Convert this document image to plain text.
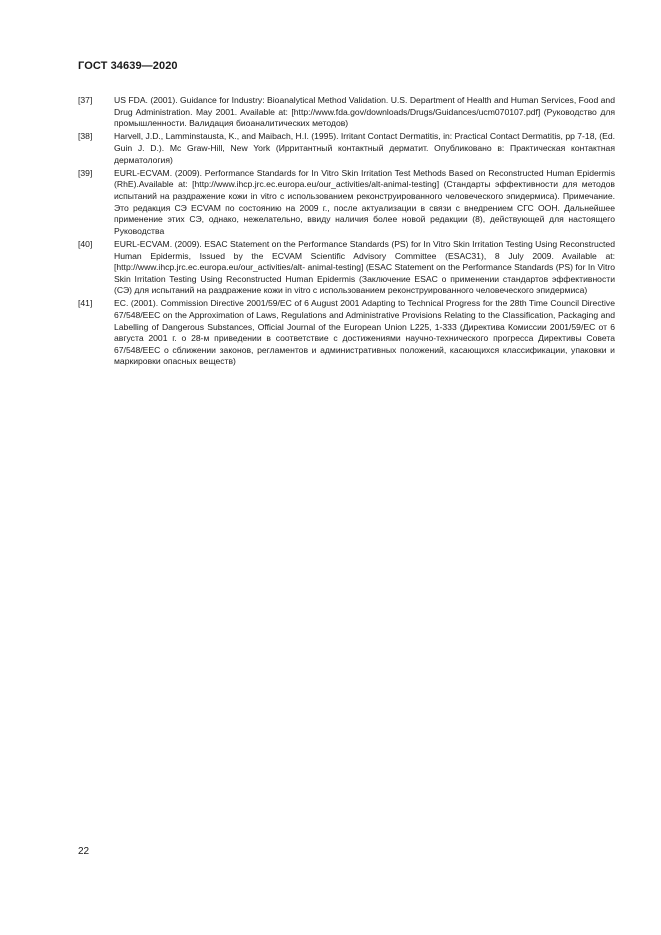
ГОСТ 34639—2020
[37]	US FDA. (2001). Guidance for Industry: Bioanalytical Method Validation. U.S. Department of Health and Human Services, Food and Drug Administration. May 2001. Available at: [http://www.fda.gov/downloads/Drugs/Guidances/ucm070107.pdf] (Руководство для промышленности. Валидация биоаналитических методов)
[38]	Harvell, J.D., Lamminstausta, K., and Maibach, H.I. (1995). Irritant Contact Dermatitis, in: Practical Contact Dermatitis, pp 7-18, (Ed. Guin J. D.). Mc Graw-Hill, New York (Ирритантный контактный дерматит. Опубликовано в: Практическая контактная дерматология)
[39]	EURL-ECVAM. (2009). Performance Standards for In Vitro Skin Irritation Test Methods Based on Reconstructed Human Epidermis (RhE).Available at: [http://www.ihcp.jrc.ec.europa.eu/our_activities/alt-animal-testing] (Стандарты эффективности для методов испытаний на раздражение кожи in vitro с использованием реконструированного человеческого эпидермиса). Примечание. Это редакция СЭ ECVAM по состоянию на 2009 г., после актуализации в связи с внедрением СГС ООН. Дальнейшее применение этих СЭ, однако, нежелательно, ввиду наличия более новой редакции (8), действующей для настоящего Руководства
[40]	EURL-ECVAM. (2009). ESAC Statement on the Performance Standards (PS) for In Vitro Skin Irritation Testing Using Reconstructed Human Epidermis, Issued by the ECVAM Scientific Advisory Committee (ESAC31), 8 July 2009. Available at: [http://www.ihcp.jrc.ec.europa.eu/our_activities/alt- animal-testing] (ESAC Statement on the Performance Standards (PS) for In Vitro Skin Irritation Testing Using Reconstructed Human Epidermis (Заключение ESAC о применении стандартов эффективности (СЭ) для испытаний на раздражение кожи in vitro с использованием реконструированного человеческого эпидермиса)
[41]	EC. (2001). Commission Directive 2001/59/EC of 6 August 2001 Adapting to Technical Progress for the 28th Time Council Directive 67/548/EEC on the Approximation of Laws, Regulations and Administrative Provisions Relating to the Classification, Packaging and Labelling of Dangerous Substances, Official Journal of the European Union L225, 1-333 (Директива Комиссии 2001/59/EC от 6 августа 2001 г. о 28-м приведении в соответствие с достижениями научно-технического прогресса Директивы Совета 67/548/EEC о сближении законов, регламентов и административных положений, касающихся классификации, упаковки и маркировки опасных веществ)
22
